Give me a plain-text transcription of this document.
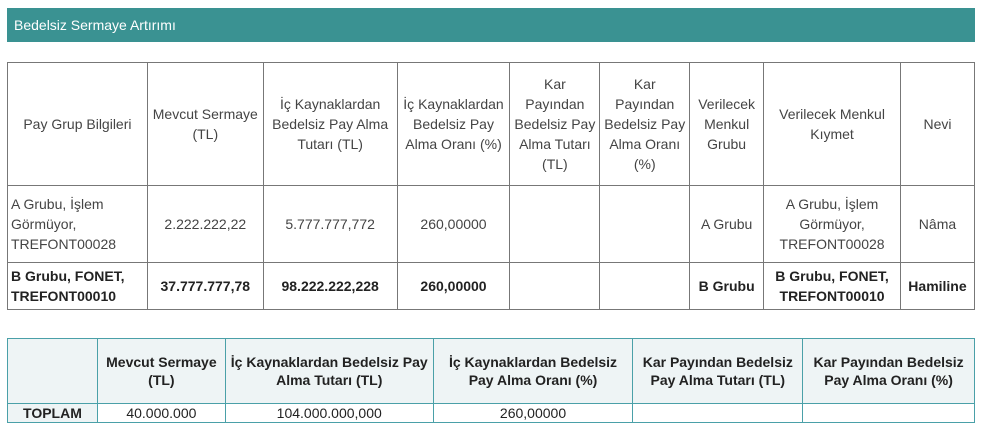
Bedelsiz Sermaye Artırımı
Pay Grup Bilgileri	Mevcut Sermaye (TL)	İç Kaynaklardan Bedelsiz Pay Alma Tutarı (TL)	İç Kaynaklardan Bedelsiz Pay Alma Oranı (%)	Kar Payından Bedelsiz Pay Alma Tutarı (TL)	Kar Payından Bedelsiz Pay Alma Oranı (%)	Verilecek Menkul Grubu	Verilecek Menkul Kıymet	Nevi
A Grubu, İşlem Görmüyor, TREFONT00028	2.222.222,22	5.777.777,772	260,00000			A Grubu	A Grubu, İşlem Görmüyor, TREFONT00028	Nâma
B Grubu, FONET, TREFONT00010	37.777.777,78	98.222.222,228	260,00000			B Grubu	B Grubu, FONET, TREFONT00010	Hamiline
	Mevcut Sermaye (TL)	İç Kaynaklardan Bedelsiz Pay Alma Tutarı (TL)	İç Kaynaklardan Bedelsiz Pay Alma Oranı (%)	Kar Payından Bedelsiz Pay Alma Tutarı (TL)	Kar Payından Bedelsiz Pay Alma Oranı (%)
TOPLAM	40.000.000	104.000.000,000	260,00000		
